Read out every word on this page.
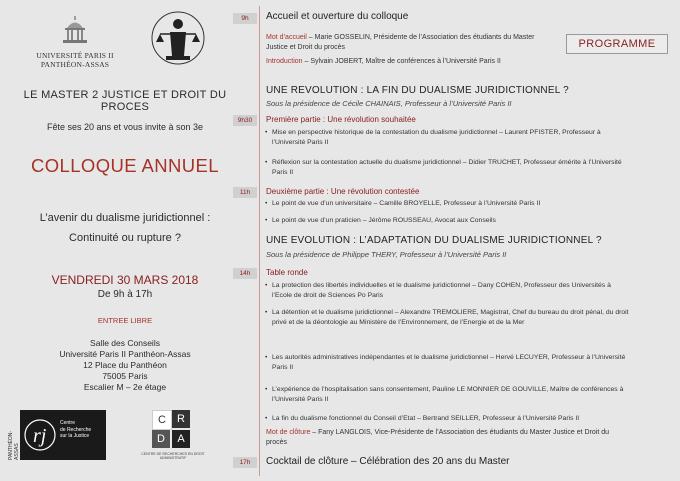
UNIVERSITÉ PARIS II
PANTHÉON-ASSAS
LE MASTER 2 JUSTICE ET DROIT DU PROCES
Fête ses 20 ans et vous invite à son 3e
COLLOQUE ANNUEL
L’avenir du dualisme juridictionnel :
Continuité ou rupture ?
VENDREDI 30 MARS 2018
De 9h à 17h
ENTREE LIBRE
Salle des Conseils
Université Paris II Panthéon-Assas
12 Place du Panthéon
75005 Paris
Escalier M – 2e étage
PANTHÉON-ASSAS
rj
Centre
de Recherche
sur la Justice
C	R
D	A
CENTRE DE RECHERCHES EN DROIT ADMINISTRATIF
9h
9h30
11h
14h
17h
PROGRAMME
Accueil et ouverture du colloque
Mot d’accueil – Marie GOSSELIN, Présidente de l’Association des étudiants du Master Justice et Droit du procès
Introduction – Sylvain JOBERT, Maître de conférences à l’Université Paris II
UNE REVOLUTION : LA FIN DU DUALISME JURIDICTIONNEL ?
Sous la présidence de Cécile CHAINAIS, Professeur à l’Université Paris II
Première partie : Une révolution souhaitée
• Mise en perspective historique de la contestation du dualisme juridictionnel – Laurent PFISTER, Professeur à l’Université Paris II
• Réflexion sur la contestation actuelle du dualisme juridictionnel – Didier TRUCHET, Professeur émérite à l’Université Paris II
Deuxième partie : Une révolution contestée
• Le point de vue d’un universitaire – Camille BROYELLE, Professeur à l’Université Paris II
• Le point de vue d’un praticien – Jérôme ROUSSEAU, Avocat aux Conseils
UNE EVOLUTION : L’ADAPTATION DU DUALISME JURIDICTIONNEL ?
Sous la présidence de Philippe THERY, Professeur à l’Université Paris II
Table ronde
• La protection des libertés individuelles et le dualisme juridictionnel – Dany COHEN, Professeur des Universités à l’Ecole de droit de Sciences Po Paris
• La détention et le dualisme juridictionnel – Alexandre TREMOLIERE, Magistrat, Chef du bureau du droit pénal, du droit privé et de la déontologie au Ministère de l’Environnement, de l’Energie et de la Mer
• Les autorités administratives indépendantes et le dualisme juridictionnel – Hervé LECUYER, Professeur à l’Université Paris II
• L’expérience de l’hospitalisation sans consentement, Pauline LE MONNIER DE GOUVILLE, Maître de conférences à l’Université Paris II
• La fin du dualisme fonctionnel du Conseil d’Etat – Bertrand SEILLER, Professeur à l’Université Paris II
Mot de clôture – Fany LANGLOIS, Vice-Présidente de l’Association des étudiants du Master Justice et Droit du procès
Cocktail de clôture – Célébration des 20 ans du Master
